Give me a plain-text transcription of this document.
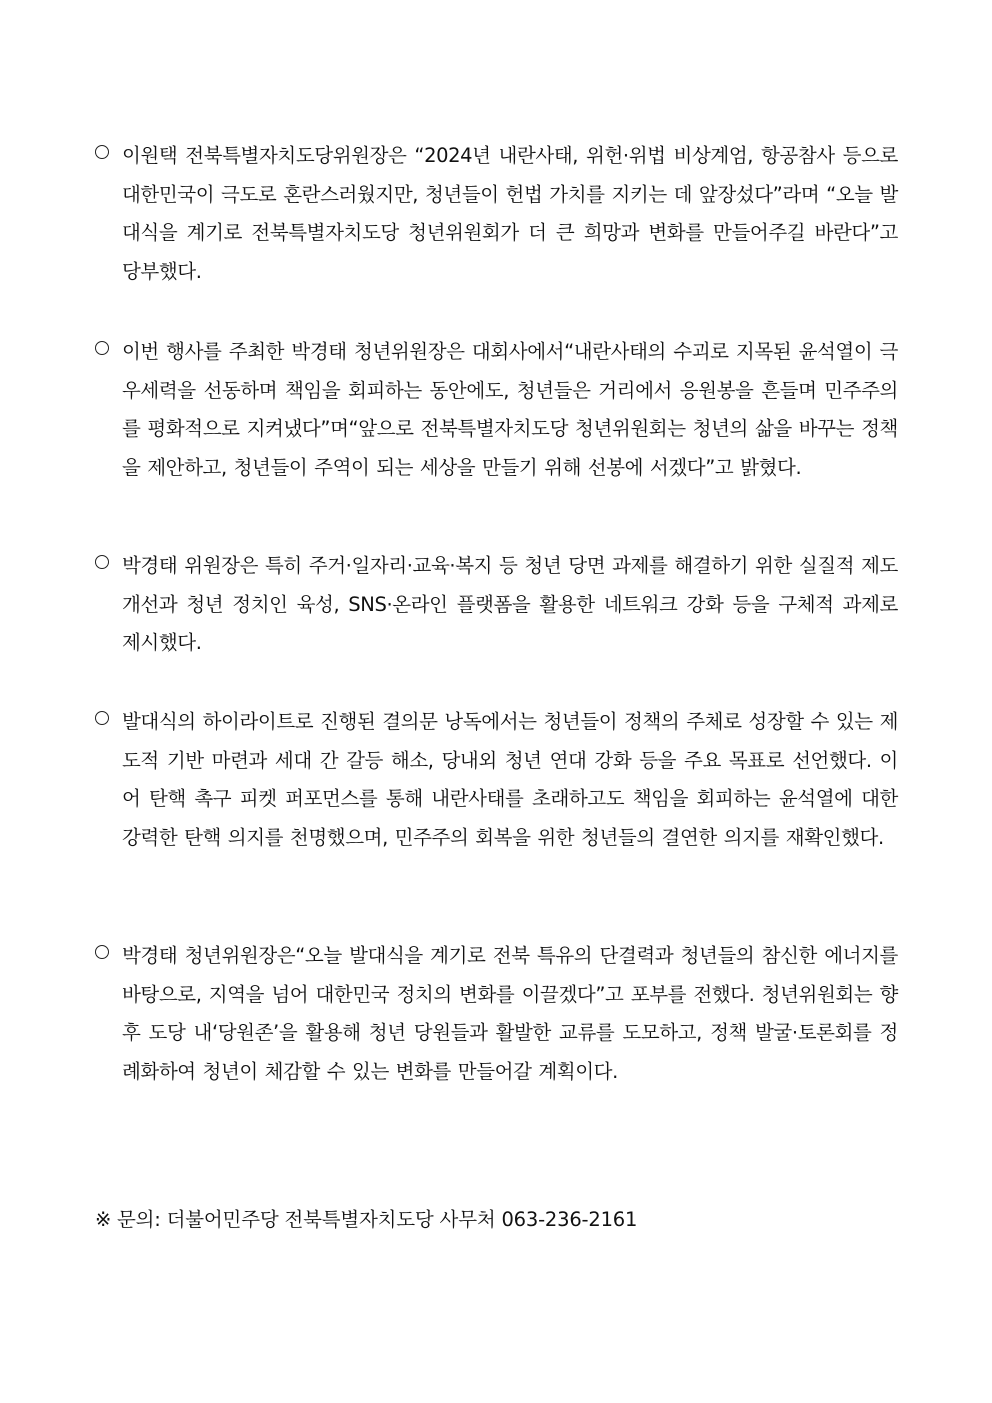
이원택 전북특별자치도당위원장은 “2024년 내란사태, 위헌·위법 비상계엄, 항공참사 등으로 대한민국이 극도로 혼란스러웠지만, 청년들이 헌법 가치를 지키는 데 앞장섰다”라며 “오늘 발대식을 계기로 전북특별자치도당 청년위원회가 더 큰 희망과 변화를 만들어주길 바란다”고 당부했다.

이번 행사를 주최한 박경태 청년위원장은 대회사에서“내란사태의 수괴로 지목된 윤석열이 극우세력을 선동하며 책임을 회피하는 동안에도, 청년들은 거리에서 응원봉을 흔들며 민주주의를 평화적으로 지켜냈다”며“앞으로 전북특별자치도당 청년위원회는 청년의 삶을 바꾸는 정책을 제안하고, 청년들이 주역이 되는 세상을 만들기 위해 선봉에 서겠다”고 밝혔다.

박경태 위원장은 특히 주거·일자리·교육·복지 등 청년 당면 과제를 해결하기 위한 실질적 제도 개선과 청년 정치인 육성, SNS·온라인 플랫폼을 활용한 네트워크 강화 등을 구체적 과제로 제시했다.

발대식의 하이라이트로 진행된 결의문 낭독에서는 청년들이 정책의 주체로 성장할 수 있는 제도적 기반 마련과 세대 간 갈등 해소, 당내외 청년 연대 강화 등을 주요 목표로 선언했다. 이어 탄핵 촉구 피켓 퍼포먼스를 통해 내란사태를 초래하고도 책임을 회피하는 윤석열에 대한 강력한 탄핵 의지를 천명했으며, 민주주의 회복을 위한 청년들의 결연한 의지를 재확인했다.

박경태 청년위원장은“오늘 발대식을 계기로 전북 특유의 단결력과 청년들의 참신한 에너지를 바탕으로, 지역을 넘어 대한민국 정치의 변화를 이끌겠다”고 포부를 전했다. 청년위원회는 향후 도당 내‘당원존’을 활용해 청년 당원들과 활발한 교류를 도모하고, 정책 발굴·토론회를 정례화하여 청년이 체감할 수 있는 변화를 만들어갈 계획이다.

※ 문의: 더불어민주당 전북특별자치도당 사무처 063-236-2161
